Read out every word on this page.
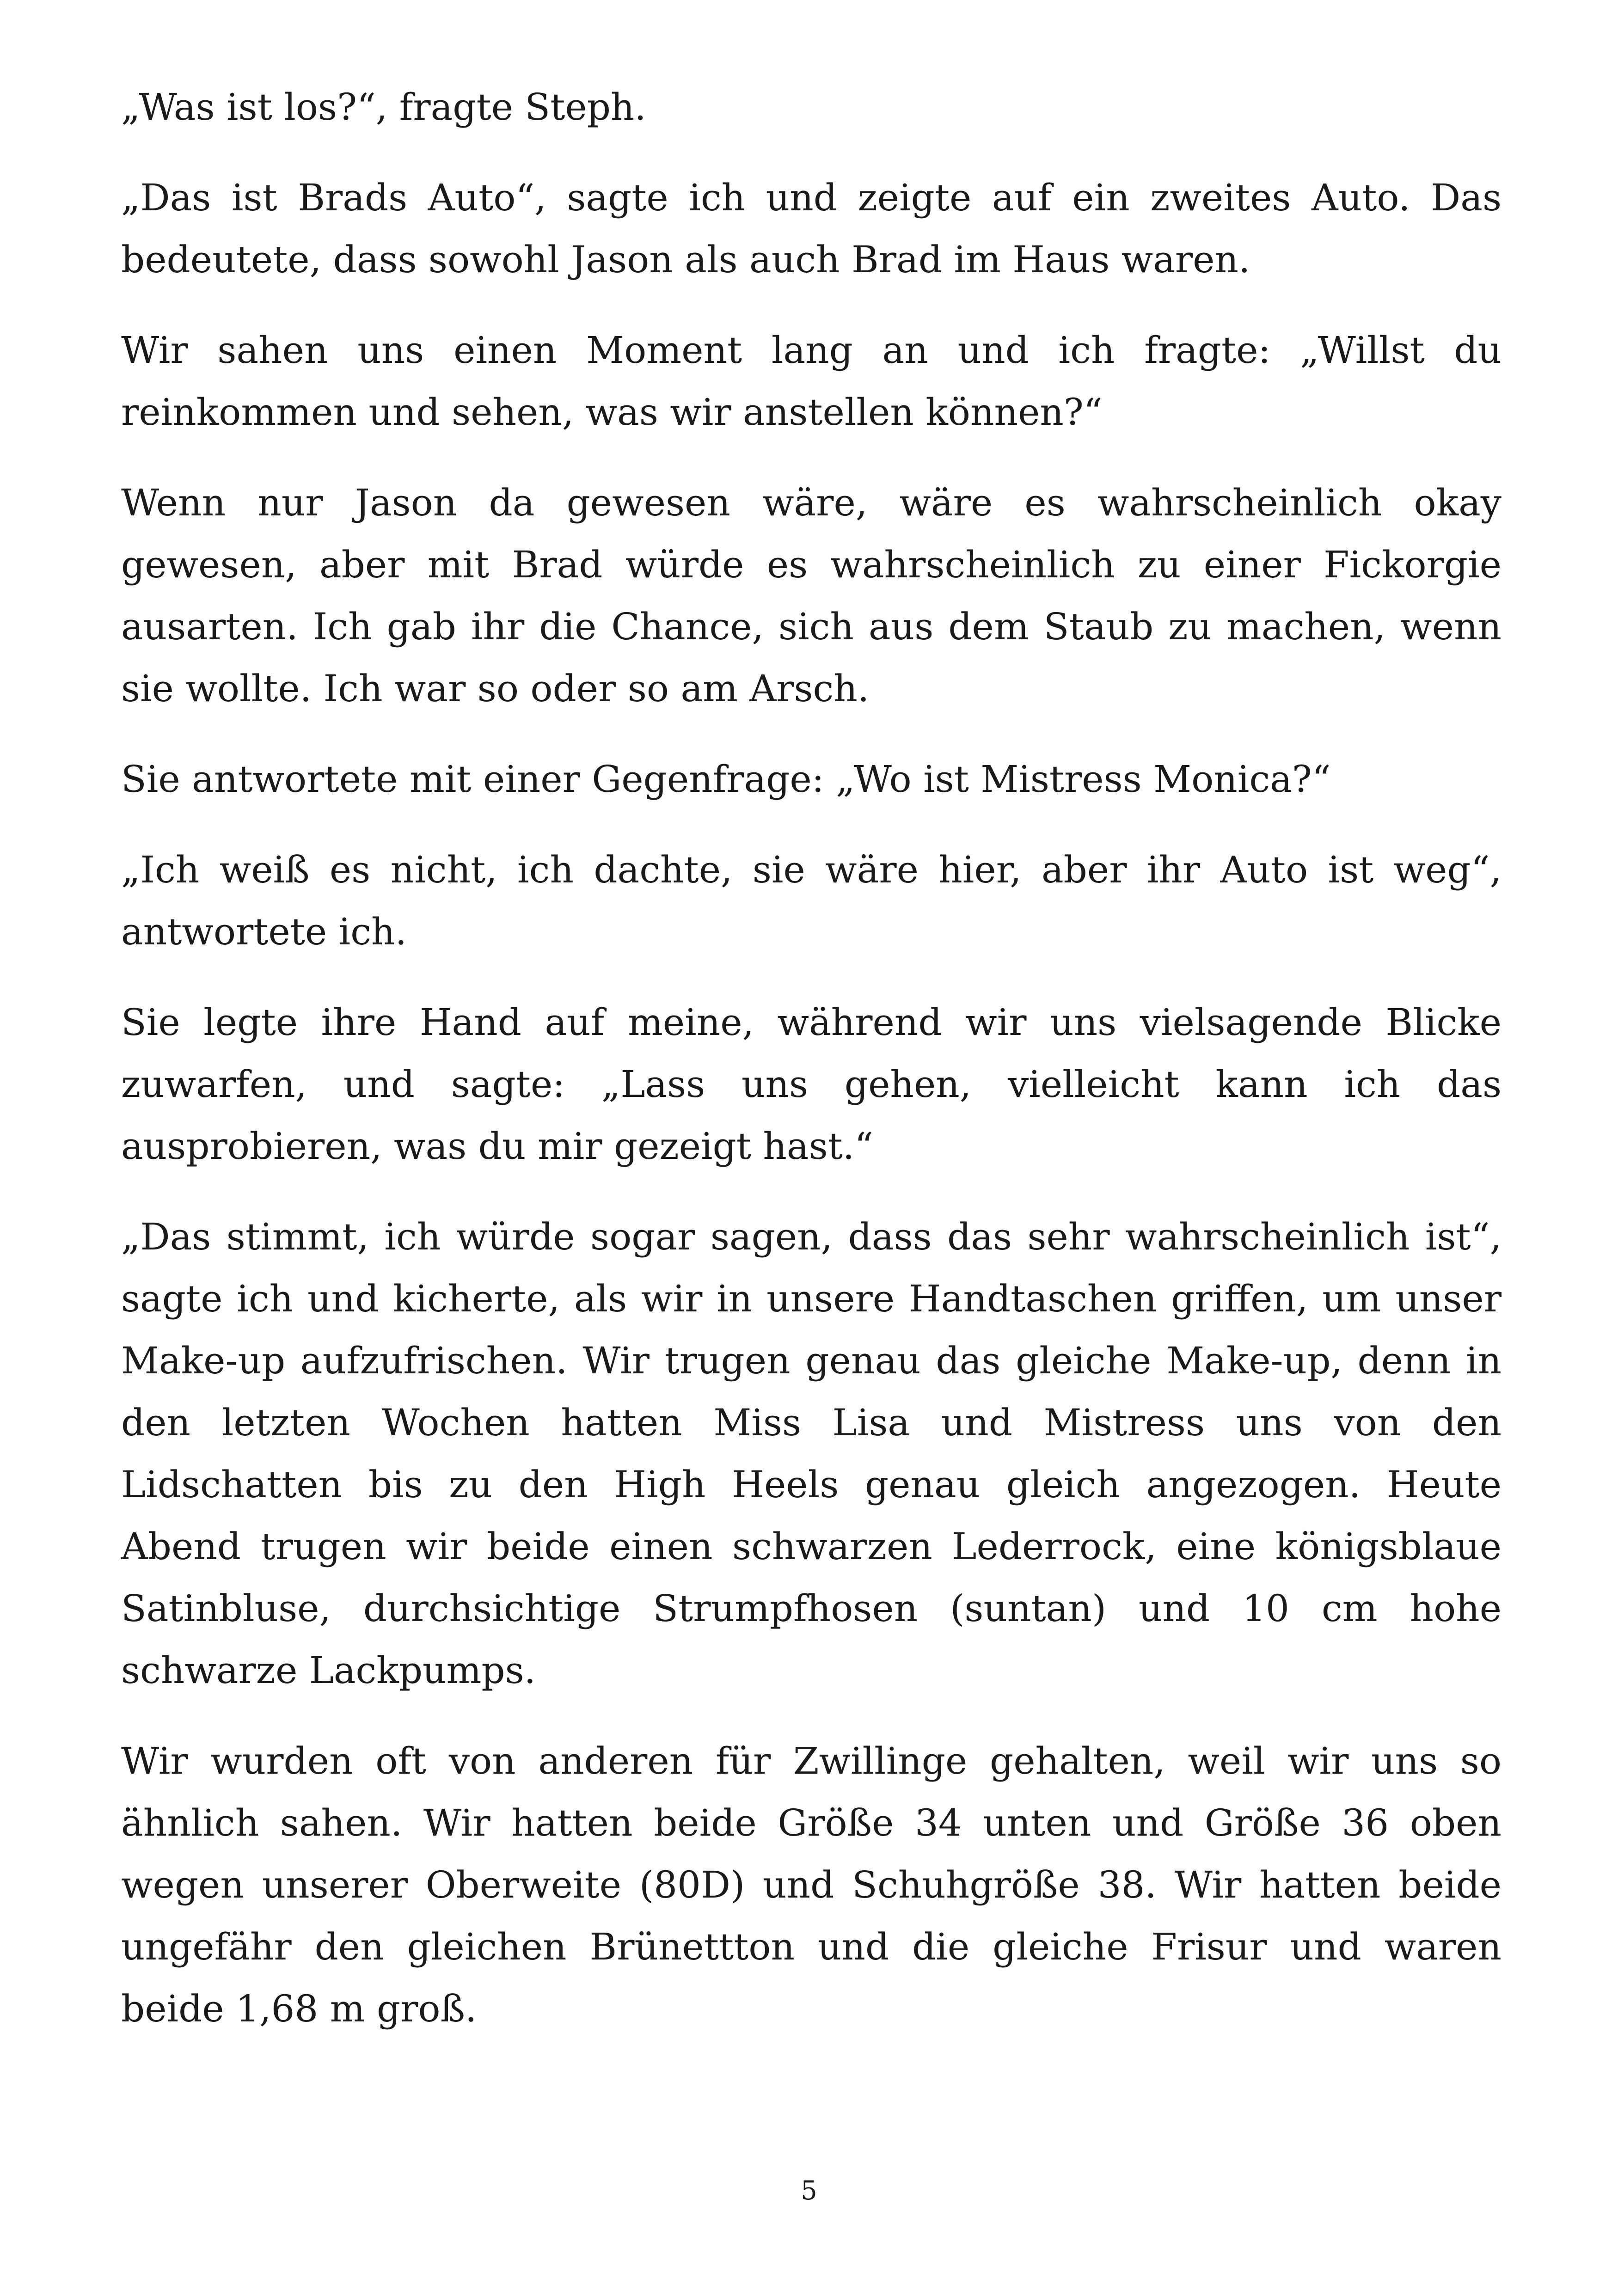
„Was ist los?“, fragte Steph.

„Das ist Brads Auto“, sagte ich und zeigte auf ein zweites Auto. Das bedeutete, dass sowohl Jason als auch Brad im Haus waren.

Wir sahen uns einen Moment lang an und ich fragte: „Willst du reinkommen und sehen, was wir anstellen können?“

Wenn nur Jason da gewesen wäre, wäre es wahrscheinlich okay gewesen, aber mit Brad würde es wahrscheinlich zu einer Fickorgie ausarten. Ich gab ihr die Chance, sich aus dem Staub zu machen, wenn sie wollte. Ich war so oder so am Arsch.

Sie antwortete mit einer Gegenfrage: „Wo ist Mistress Monica?“

„Ich weiß es nicht, ich dachte, sie wäre hier, aber ihr Auto ist weg“, antwortete ich.

Sie legte ihre Hand auf meine, während wir uns vielsagende Blicke zuwarfen, und sagte: „Lass uns gehen, vielleicht kann ich das ausprobieren, was du mir gezeigt hast.“

„Das stimmt, ich würde sogar sagen, dass das sehr wahrscheinlich ist“, sagte ich und kicherte, als wir in unsere Handtaschen griffen, um unser Make-up aufzufrischen. Wir trugen genau das gleiche Make-up, denn in den letzten Wochen hatten Miss Lisa und Mistress uns von den Lidschatten bis zu den High Heels genau gleich angezogen. Heute Abend trugen wir beide einen schwarzen Lederrock, eine königsblaue Satinbluse, durchsichtige Strumpfhosen (suntan) und 10 cm hohe schwarze Lackpumps.

Wir wurden oft von anderen für Zwillinge gehalten, weil wir uns so ähnlich sahen. Wir hatten beide Größe 34 unten und Größe 36 oben wegen unserer Oberweite (80D) und Schuhgröße 38. Wir hatten beide ungefähr den gleichen Brünettton und die gleiche Frisur und waren beide 1,68 m groß.

5
